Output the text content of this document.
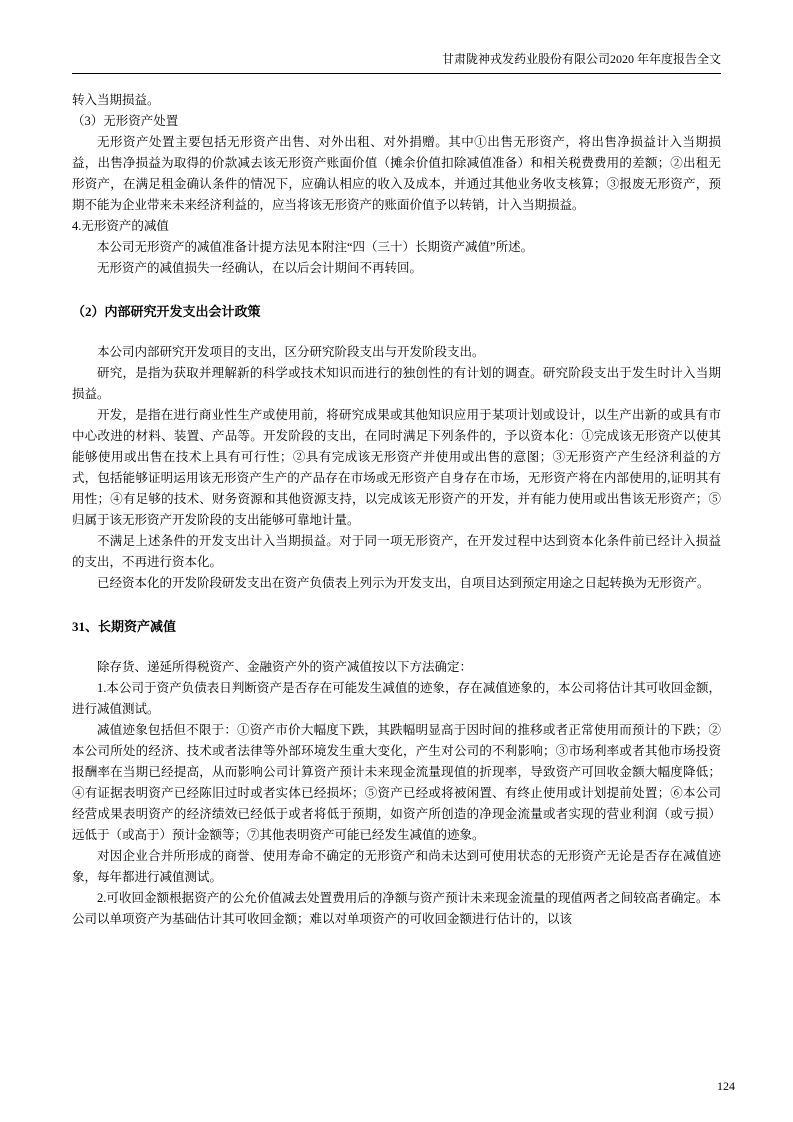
甘肃陇神戎发药业股份有限公司2020 年年度报告全文

转入当期损益。

（3）无形资产处置

无形资产处置主要包括无形资产出售、对外出租、对外捐赠。其中①出售无形资产，将出售净损益计入当期损益，出售净损益为取得的价款减去该无形资产账面价值（摊余价值扣除减值准备）和相关税费费用的差额；②出租无形资产，在满足租金确认条件的情况下，应确认相应的收入及成本，并通过其他业务收支核算；③报废无形资产，预期不能为企业带来未来经济利益的，应当将该无形资产的账面价值予以转销，计入当期损益。

4.无形资产的减值

本公司无形资产的减值准备计提方法见本附注“四（三十）长期资产减值”所述。

无形资产的减值损失一经确认，在以后会计期间不再转回。

（2）内部研究开发支出会计政策

本公司内部研究开发项目的支出，区分研究阶段支出与开发阶段支出。

研究，是指为获取并理解新的科学或技术知识而进行的独创性的有计划的调查。研究阶段支出于发生时计入当期损益。

开发，是指在进行商业性生产或使用前，将研究成果或其他知识应用于某项计划或设计，以生产出新的或具有市中心改进的材料、装置、产品等。开发阶段的支出，在同时满足下列条件的，予以资本化：①完成该无形资产以使其能够使用或出售在技术上具有可行性；②具有完成该无形资产并使用或出售的意图；③无形资产产生经济利益的方式，包括能够证明运用该无形资产生产的产品存在市场或无形资产自身存在市场，无形资产将在内部使用的,证明其有用性；④有足够的技术、财务资源和其他资源支持，以完成该无形资产的开发，并有能力使用或出售该无形资产；⑤归属于该无形资产开发阶段的支出能够可靠地计量。

不满足上述条件的开发支出计入当期损益。对于同一项无形资产，在开发过程中达到资本化条件前已经计入损益的支出，不再进行资本化。

已经资本化的开发阶段研发支出在资产负债表上列示为开发支出，自项目达到预定用途之日起转换为无形资产。

31、长期资产减值

除存货、递延所得税资产、金融资产外的资产减值按以下方法确定：

1.本公司于资产负债表日判断资产是否存在可能发生减值的迹象，存在减值迹象的，本公司将估计其可收回金额，进行减值测试。

减值迹象包括但不限于：①资产市价大幅度下跌，其跌幅明显高于因时间的推移或者正常使用而预计的下跌；②本公司所处的经济、技术或者法律等外部环境发生重大变化，产生对公司的不利影响；③市场利率或者其他市场投资报酬率在当期已经提高，从而影响公司计算资产预计未来现金流量现值的折现率，导致资产可回收金额大幅度降低；④有证据表明资产已经陈旧过时或者实体已经损坏；⑤资产已经或将被闲置、有终止使用或计划提前处置；⑥本公司经营成果表明资产的经济绩效已经低于或者将低于预期，如资产所创造的净现金流量或者实现的营业利润（或亏损）远低于（或高于）预计金额等；⑦其他表明资产可能已经发生减值的迹象。

对因企业合并所形成的商誉、使用寿命不确定的无形资产和尚未达到可使用状态的无形资产无论是否存在减值迹象，每年都进行减值测试。

2.可收回金额根据资产的公允价值减去处置费用后的净额与资产预计未来现金流量的现值两者之间较高者确定。本公司以单项资产为基础估计其可收回金额；难以对单项资产的可收回金额进行估计的，以该

124
